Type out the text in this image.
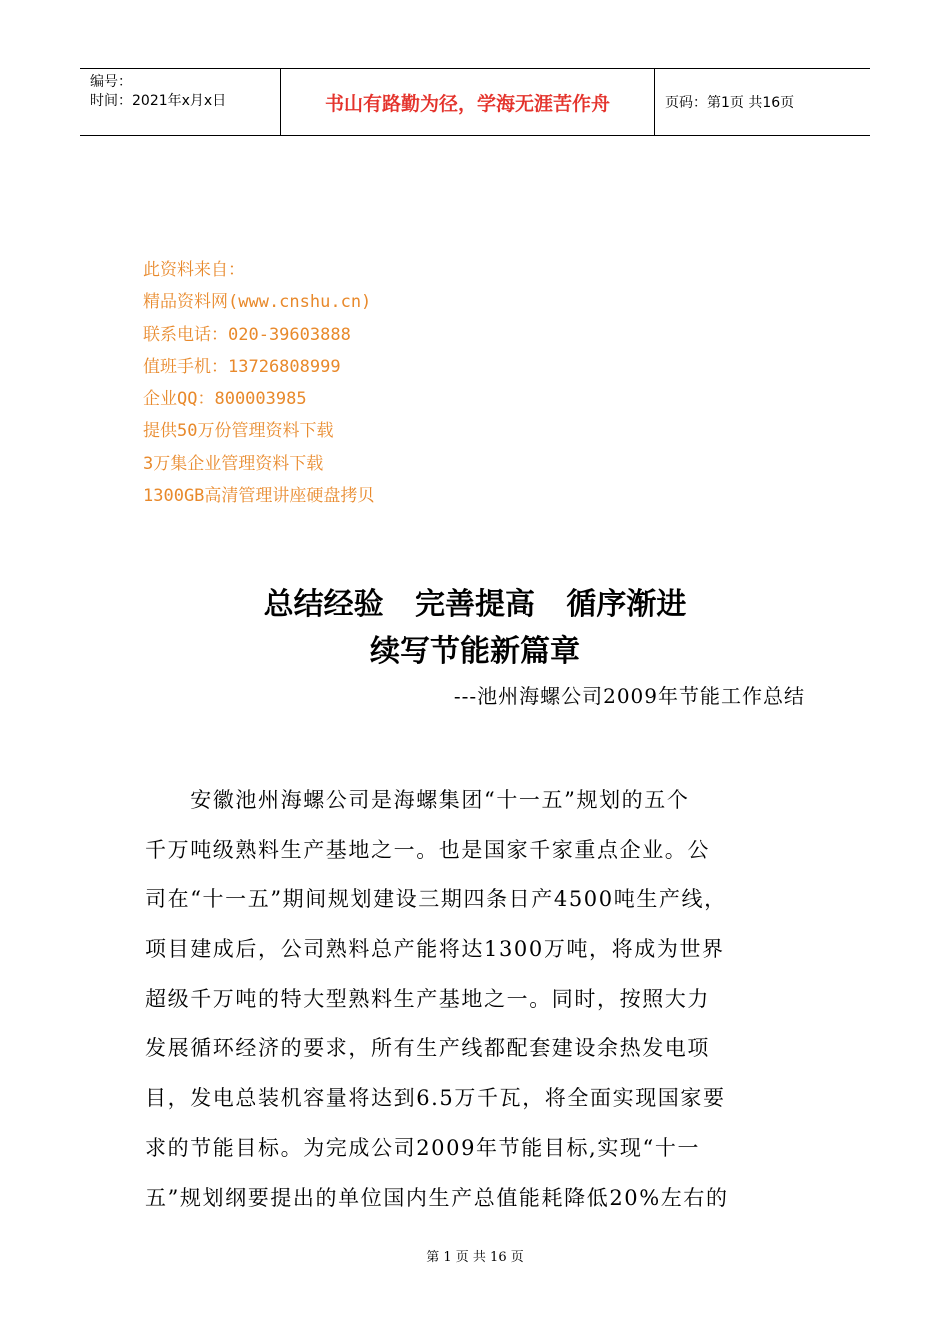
编号：
时间：2021年x月x日	书山有路勤为径，学海无涯苦作舟	页码：第1页 共16页
此资料来自：
精品资料网(www.cnshu.cn)
联系电话：020-39603888
值班手机：13726808999
企业QQ：800003985
提供50万份管理资料下载
3万集企业管理资料下载
1300GB高清管理讲座硬盘拷贝
总结经验   完善提高   循序渐进
续写节能新篇章
---池州海螺公司2009年节能工作总结
　　安徽池州海螺公司是海螺集团“十一五”规划的五个
千万吨级熟料生产基地之一。也是国家千家重点企业。公
司在“十一五”期间规划建设三期四条日产4500吨生产线，
项目建成后，公司熟料总产能将达1300万吨，将成为世界
超级千万吨的特大型熟料生产基地之一。同时，按照大力
发展循环经济的要求，所有生产线都配套建设余热发电项
目，发电总装机容量将达到6.5万千瓦，将全面实现国家要
求的节能目标。为完成公司2009年节能目标,实现“十一
五”规划纲要提出的单位国内生产总值能耗降低20%左右的
第 1 页 共 16 页
